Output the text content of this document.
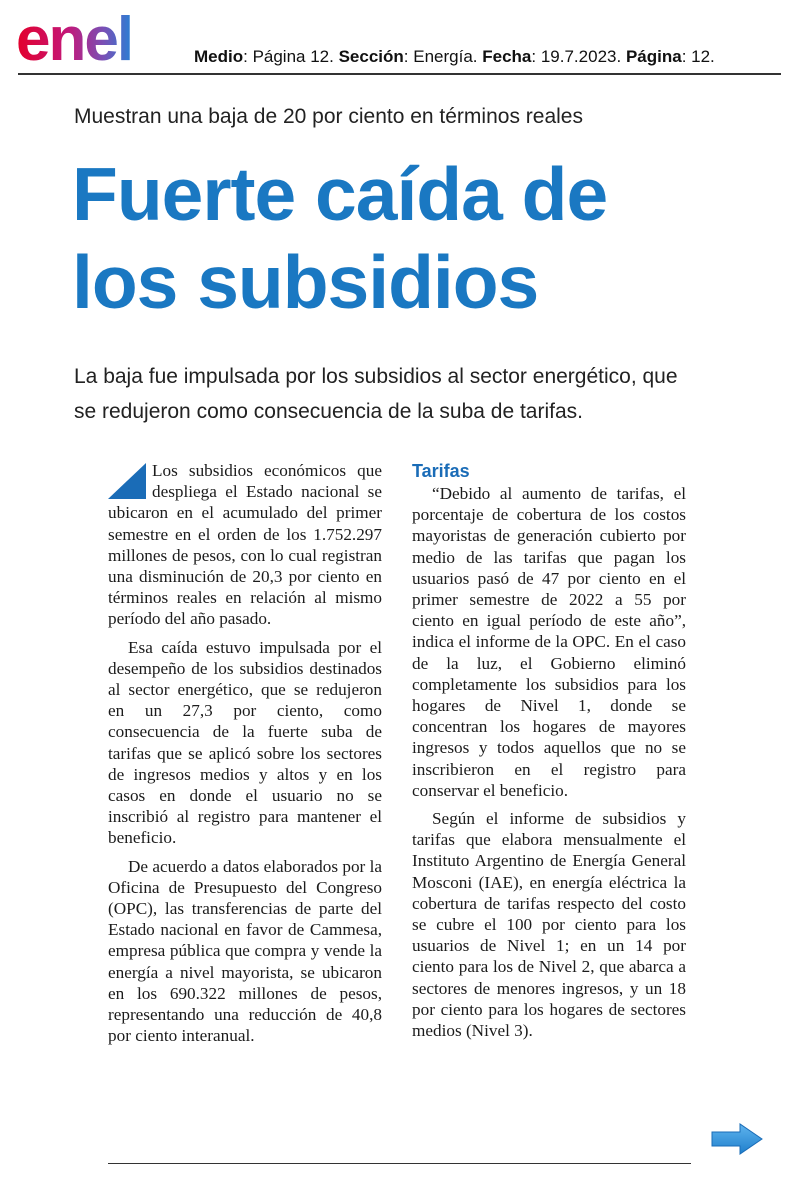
enel	Medio: Página 12. Sección: Energía. Fecha: 19.7.2023. Página: 12.
Muestran una baja de 20 por ciento en términos reales
Fuerte caída de
los subsidios
La baja fue impulsada por los subsidios al sector energético, que
se redujeron como consecuencia de la suba de tarifas.

Los subsidios económicos que despliega el Estado nacional se ubicaron en el acumulado del primer semestre en el orden de los 1.752.297 millones de pesos, con lo cual registran una disminución de 20,3 por ciento en términos reales en relación al mismo período del año pasado.

Esa caída estuvo impulsada por el desempeño de los subsidios destinados al sector energético, que se redujeron en un 27,3 por ciento, como consecuencia de la fuerte suba de tarifas que se aplicó sobre los sectores de ingresos medios y altos y en los casos en donde el usuario no se inscribió al registro para mantener el beneficio.

De acuerdo a datos elaborados por la Oficina de Presupuesto del Congreso (OPC), las transferencias de parte del Estado nacional en favor de Cammesa, empresa pública que compra y vende la energía a nivel mayorista, se ubicaron en los 690.322 millones de pesos, representando una reducción de 40,8 por ciento interanual.

Tarifas

“Debido al aumento de tarifas, el porcentaje de cobertura de los costos mayoristas de generación cubierto por medio de las tarifas que pagan los usuarios pasó de 47 por ciento en el primer semestre de 2022 a 55 por ciento en igual período de este año”, indica el informe de la OPC. En el caso de la luz, el Gobierno eliminó completamente los subsidios para los hogares de Nivel 1, donde se concentran los hogares de mayores ingresos y todos aquellos que no se inscribieron en el registro para conservar el beneficio.

Según el informe de subsidios y tarifas que elabora mensualmente el Instituto Argentino de Energía General Mosconi (IAE), en energía eléctrica la cobertura de tarifas respecto del costo se cubre el 100 por ciento para los usuarios de Nivel 1; en un 14 por ciento para los de Nivel 2, que abarca a sectores de menores ingresos, y un 18 por ciento para los hogares de sectores medios (Nivel 3).
